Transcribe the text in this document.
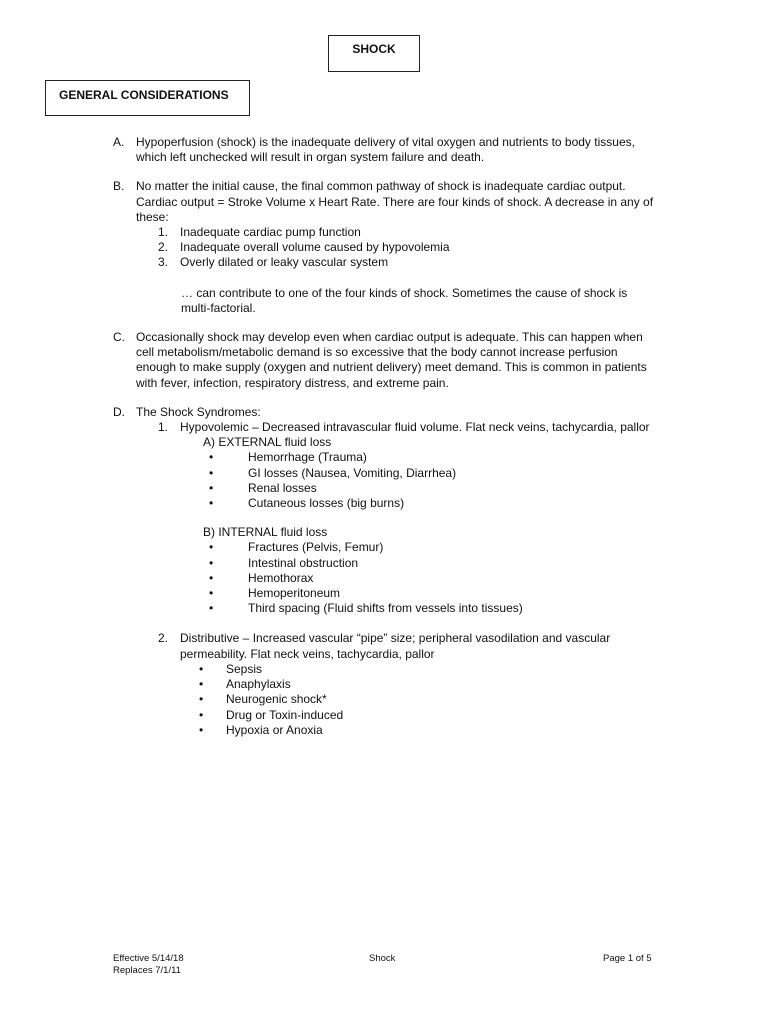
SHOCK
GENERAL CONSIDERATIONS
A. Hypoperfusion (shock) is the inadequate delivery of vital oxygen and nutrients to body tissues, which left unchecked will result in organ system failure and death.
B. No matter the initial cause, the final common pathway of shock is inadequate cardiac output. Cardiac output = Stroke Volume x Heart Rate. There are four kinds of shock. A decrease in any of these:
1. Inadequate cardiac pump function
2. Inadequate overall volume caused by hypovolemia
3. Overly dilated or leaky vascular system
… can contribute to one of the four kinds of shock. Sometimes the cause of shock is multi-factorial.
C. Occasionally shock may develop even when cardiac output is adequate. This can happen when cell metabolism/metabolic demand is so excessive that the body cannot increase perfusion enough to make supply (oxygen and nutrient delivery) meet demand. This is common in patients with fever, infection, respiratory distress, and extreme pain.
D. The Shock Syndromes:
1. Hypovolemic – Decreased intravascular fluid volume. Flat neck veins, tachycardia, pallor
A) EXTERNAL fluid loss
•	Hemorrhage (Trauma)
•	GI losses (Nausea, Vomiting, Diarrhea)
•	Renal losses
•	Cutaneous losses (big burns)
B) INTERNAL fluid loss
•	Fractures (Pelvis, Femur)
•	Intestinal obstruction
•	Hemothorax
•	Hemoperitoneum
•	Third spacing (Fluid shifts from vessels into tissues)
2. Distributive – Increased vascular “pipe” size; peripheral vasodilation and vascular permeability. Flat neck veins, tachycardia, pallor
• Sepsis
• Anaphylaxis
• Neurogenic shock*
• Drug or Toxin-induced
• Hypoxia or Anoxia
Effective 5/14/18
Replaces 7/1/11
Shock	Page 1 of 5
